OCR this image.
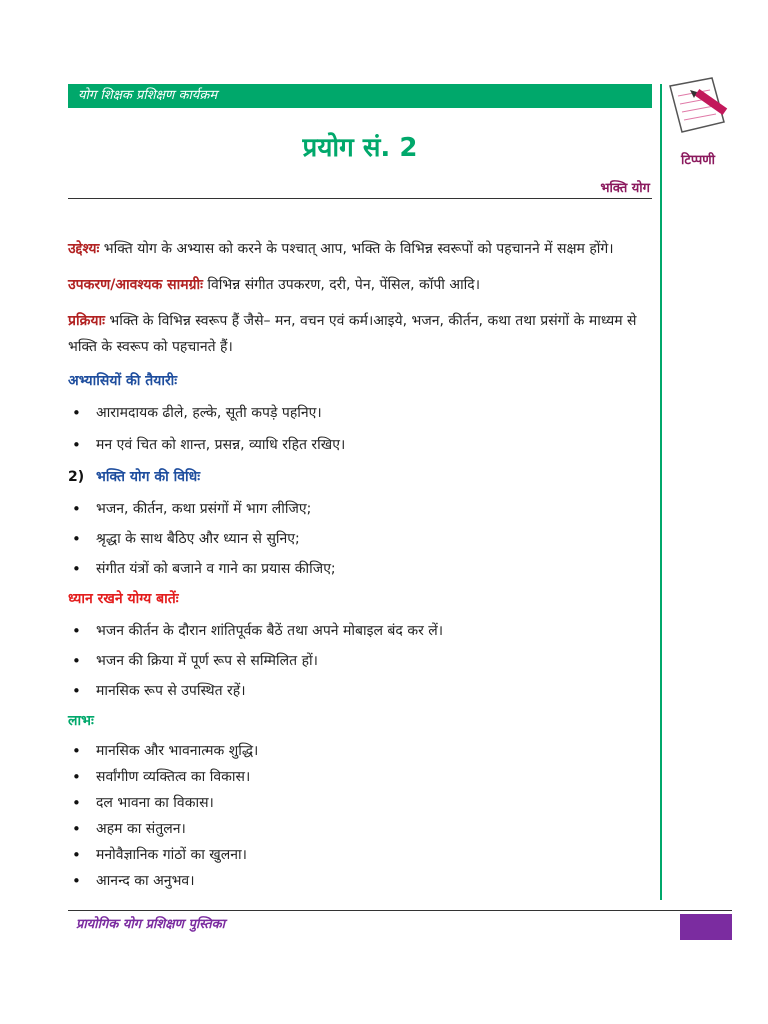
योग शिक्षक प्रशिक्षण कार्यक्रम
टिप्पणी
प्रयोग सं. 2
भक्ति योग

उद्देश्यः भक्ति योग के अभ्यास को करने के पश्चात् आप, भक्ति के विभिन्न स्वरूपों को पहचानने में सक्षम होंगे।

उपकरण/आवश्यक सामग्रीः विभिन्न संगीत उपकरण, दरी, पेन, पेंसिल, कॉपी आदि।

प्रक्रियाः भक्ति के विभिन्न स्वरूप हैं जैसे– मन, वचन एवं कर्म।आइये, भजन, कीर्तन, कथा तथा प्रसंगों के माध्यम से भक्ति के स्वरूप को पहचानते हैं।

अभ्यासियों की तैयारीः
• आरामदायक ढीले, हल्के, सूती कपड़े पहनिए।
• मन एवं चित को शान्त, प्रसन्न, व्याधि रहित रखिए।
2) भक्ति योग की विधिः
• भजन, कीर्तन, कथा प्रसंगों में भाग लीजिए;
• श्रृद्धा के साथ बैठिए और ध्यान से सुनिए;
• संगीत यंत्रों को बजाने व गाने का प्रयास कीजिए;
ध्यान रखने योग्य बातेंः
• भजन कीर्तन के दौरान शांतिपूर्वक बैठें तथा अपने मोबाइल बंद कर लें।
• भजन की क्रिया में पूर्ण रूप से सम्मिलित हों।
• मानसिक रूप से उपस्थित रहें।
लाभः
• मानसिक और भावनात्मक शुद्धि।
• सर्वांगीण व्यक्तित्व का विकास।
• दल भावना का विकास।
• अहम का संतुलन।
• मनोवैज्ञानिक गांठों का खुलना।
• आनन्द का अनुभव।
प्रायोगिक योग प्रशिक्षण पुस्तिका
